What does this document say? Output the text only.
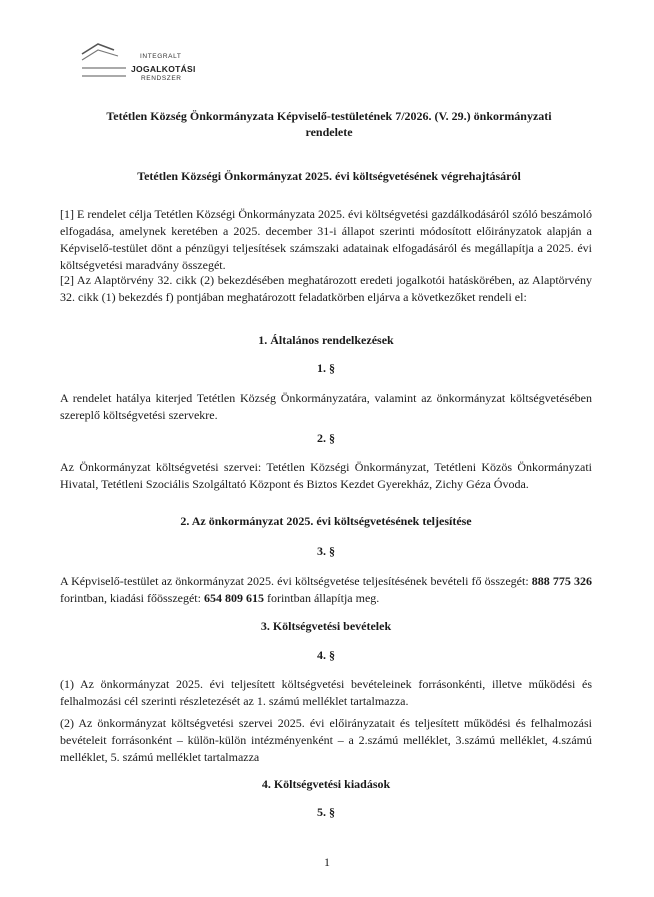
INTEGRALT
JOGALKOTÁSI
RENDSZER
Tetétlen Község Önkormányzata Képviselő-testületének 7/2026. (V. 29.) önkormányzati
rendelete
Tetétlen Községi Önkormányzat 2025. évi költségvetésének végrehajtásáról
[1] E rendelet célja Tetétlen Községi Önkormányzata 2025. évi költségvetési gazdálkodásáról szóló beszámoló elfogadása, amelynek keretében a 2025. december 31-i állapot szerinti módosított előirányzatok alapján a Képviselő-testület dönt a pénzügyi teljesítések számszaki adatainak elfogadásáról és megállapítja a 2025. évi költségvetési maradvány összegét.
[2] Az Alaptörvény 32. cikk (2) bekezdésében meghatározott eredeti jogalkotói hatáskörében, az Alaptörvény 32. cikk (1) bekezdés f) pontjában meghatározott feladatkörben eljárva a következőket rendeli el:
1. Általános rendelkezések
1. §
A rendelet hatálya kiterjed Tetétlen Község Önkormányzatára, valamint az önkormányzat költségvetésében szereplő költségvetési szervekre.
2. §
Az Önkormányzat költségvetési szervei: Tetétlen Községi Önkormányzat, Tetétleni Közös Önkormányzati Hivatal, Tetétleni Szociális Szolgáltató Központ és Biztos Kezdet Gyerekház, Zichy Géza Óvoda.
2. Az önkormányzat 2025. évi költségvetésének teljesítése
3. §
A Képviselő-testület az önkormányzat 2025. évi költségvetése teljesítésének bevételi fő összegét: 888 775 326 forintban, kiadási főösszegét: 654 809 615 forintban állapítja meg.
3. Költségvetési bevételek
4. §
(1) Az önkormányzat 2025. évi teljesített költségvetési bevételeinek forrásonkénti, illetve működési és felhalmozási cél szerinti részletezését az 1. számú melléklet tartalmazza.
(2) Az önkormányzat költségvetési szervei 2025. évi előirányzatait és teljesített működési és felhalmozási bevételeit forrásonként – külön-külön intézményenként – a 2.számú melléklet, 3.számú melléklet, 4.számú melléklet, 5. számú melléklet tartalmazza
4. Költségvetési kiadások
5. §
1
